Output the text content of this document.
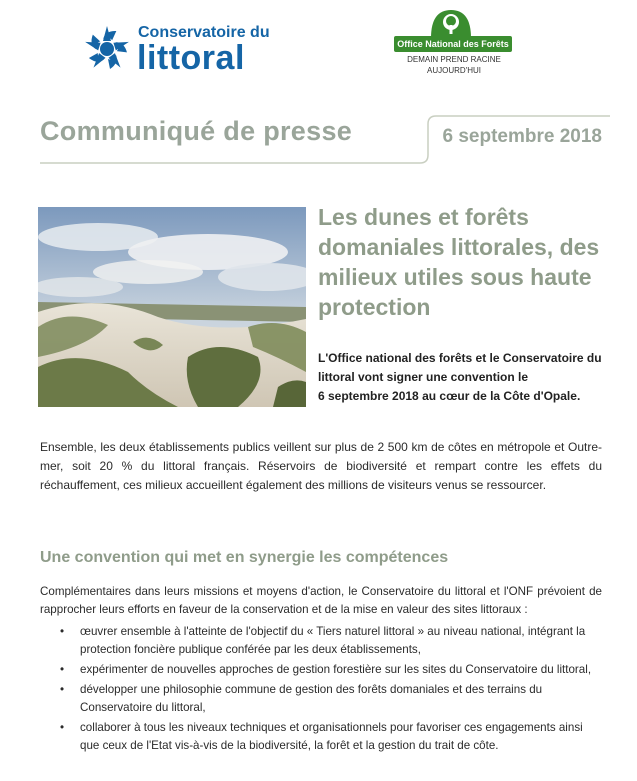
Conservatoire du
littoral	Office National des Forêts
DEMAIN PREND RACINE
AUJOURD'HUI
Communiqué de presse	6 septembre 2018
Les dunes et forêts domaniales littorales, des milieux utiles sous haute protection
L'Office national des forêts et le Conservatoire du
littoral vont signer une convention le
6 septembre 2018 au cœur de la Côte d'Opale.
Ensemble, les deux établissements publics veillent sur plus de 2 500 km de côtes en métropole et Outre-mer, soit 20 % du littoral français. Réservoirs de biodiversité et rempart contre les effets du réchauffement, ces milieux accueillent également des millions de visiteurs venus se ressourcer.
Une convention qui met en synergie les compétences
Complémentaires dans leurs missions et moyens d'action, le Conservatoire du littoral et l'ONF prévoient de rapprocher leurs efforts en faveur de la conservation et de la mise en valeur des sites littoraux :
• œuvrer ensemble à l'atteinte de l'objectif du « Tiers naturel littoral » au niveau national, intégrant la protection foncière publique conférée par les deux établissements,
• expérimenter de nouvelles approches de gestion forestière sur les sites du Conservatoire du littoral,
• développer une philosophie commune de gestion des forêts domaniales et des terrains du Conservatoire du littoral,
• collaborer à tous les niveaux techniques et organisationnels pour favoriser ces engagements ainsi que ceux de l'Etat vis-à-vis de la biodiversité, la forêt et la gestion du trait de côte.
